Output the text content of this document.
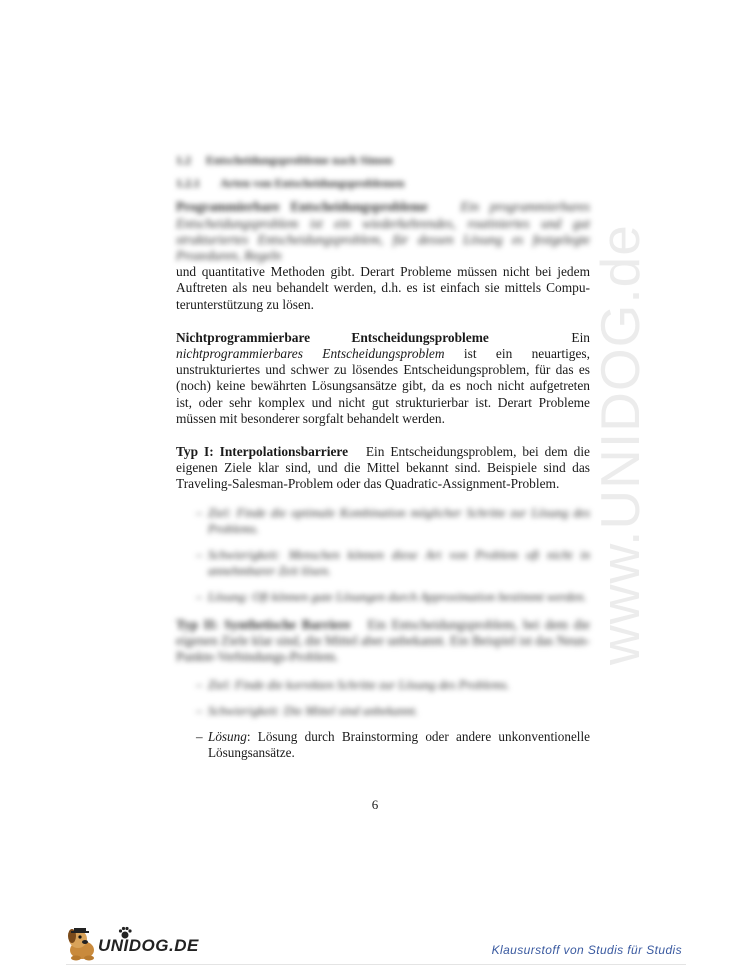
www.UNIDOG.de
1.2 Entscheidungsprobleme nach Simon
1.2.1 Arten von Entscheidungsproblemen

Programmierbare Entscheidungsprobleme Ein programmierbares Entscheidungsproblem ist ein wiederkehrendes, routiniertes und gut strukturiertes Entscheidungsproblem, für dessen Lösung es festgelegte Prozeduren, Regeln

und quantitative Methoden gibt. Derart Probleme müssen nicht bei jedem

Auftreten als neu behandelt werden, d.h. es ist einfach sie mittels Compu-

terunterstützung zu lösen.

Nichtprogrammierbare Entscheidungsprobleme	Ein nichtprogrammierbares Entscheidungsproblem ist ein neuartiges, unstrukturiertes und schwer zu lösendes Entscheidungsproblem, für das es (noch) keine bewährten Lösungsansätze gibt, da es noch nicht aufgetreten ist, oder sehr komplex und nicht gut strukturierbar ist. Derart Probleme müssen mit besonderer sorgfalt behandelt werden.

Typ I: Interpolationsbarriere Ein Entscheidungsproblem, bei dem die eigenen Ziele klar sind, und die Mittel bekannt sind. Beispiele sind das Traveling-Salesman-Problem oder das Quadratic-Assignment-Problem.

– Ziel: Finde die optimale Kombination möglicher Schritte zur Lösung des Problems.
– Schwierigkeit: Menschen können diese Art von Problem oft nicht in annehmbarer Zeit lösen.
– Lösung: Oft können gute Lösungen durch Approximation bestimmt werden.

Typ II: Synthetische Barriere Ein Entscheidungsproblem, bei dem die eigenen Ziele klar sind, die Mittel aber unbekannt. Ein Beispiel ist das Neun-Punkte-Verbindungs-Problem.

– Ziel: Finde die korrekten Schritte zur Lösung des Problems.
– Schwierigkeit: Die Mittel sind unbekannt.
– Lösung: Lösung durch Brainstorming oder andere unkonventionelle Lösungsansätze.
6
UNIDOG.DE	Klausurstoff von Studis für Studis
